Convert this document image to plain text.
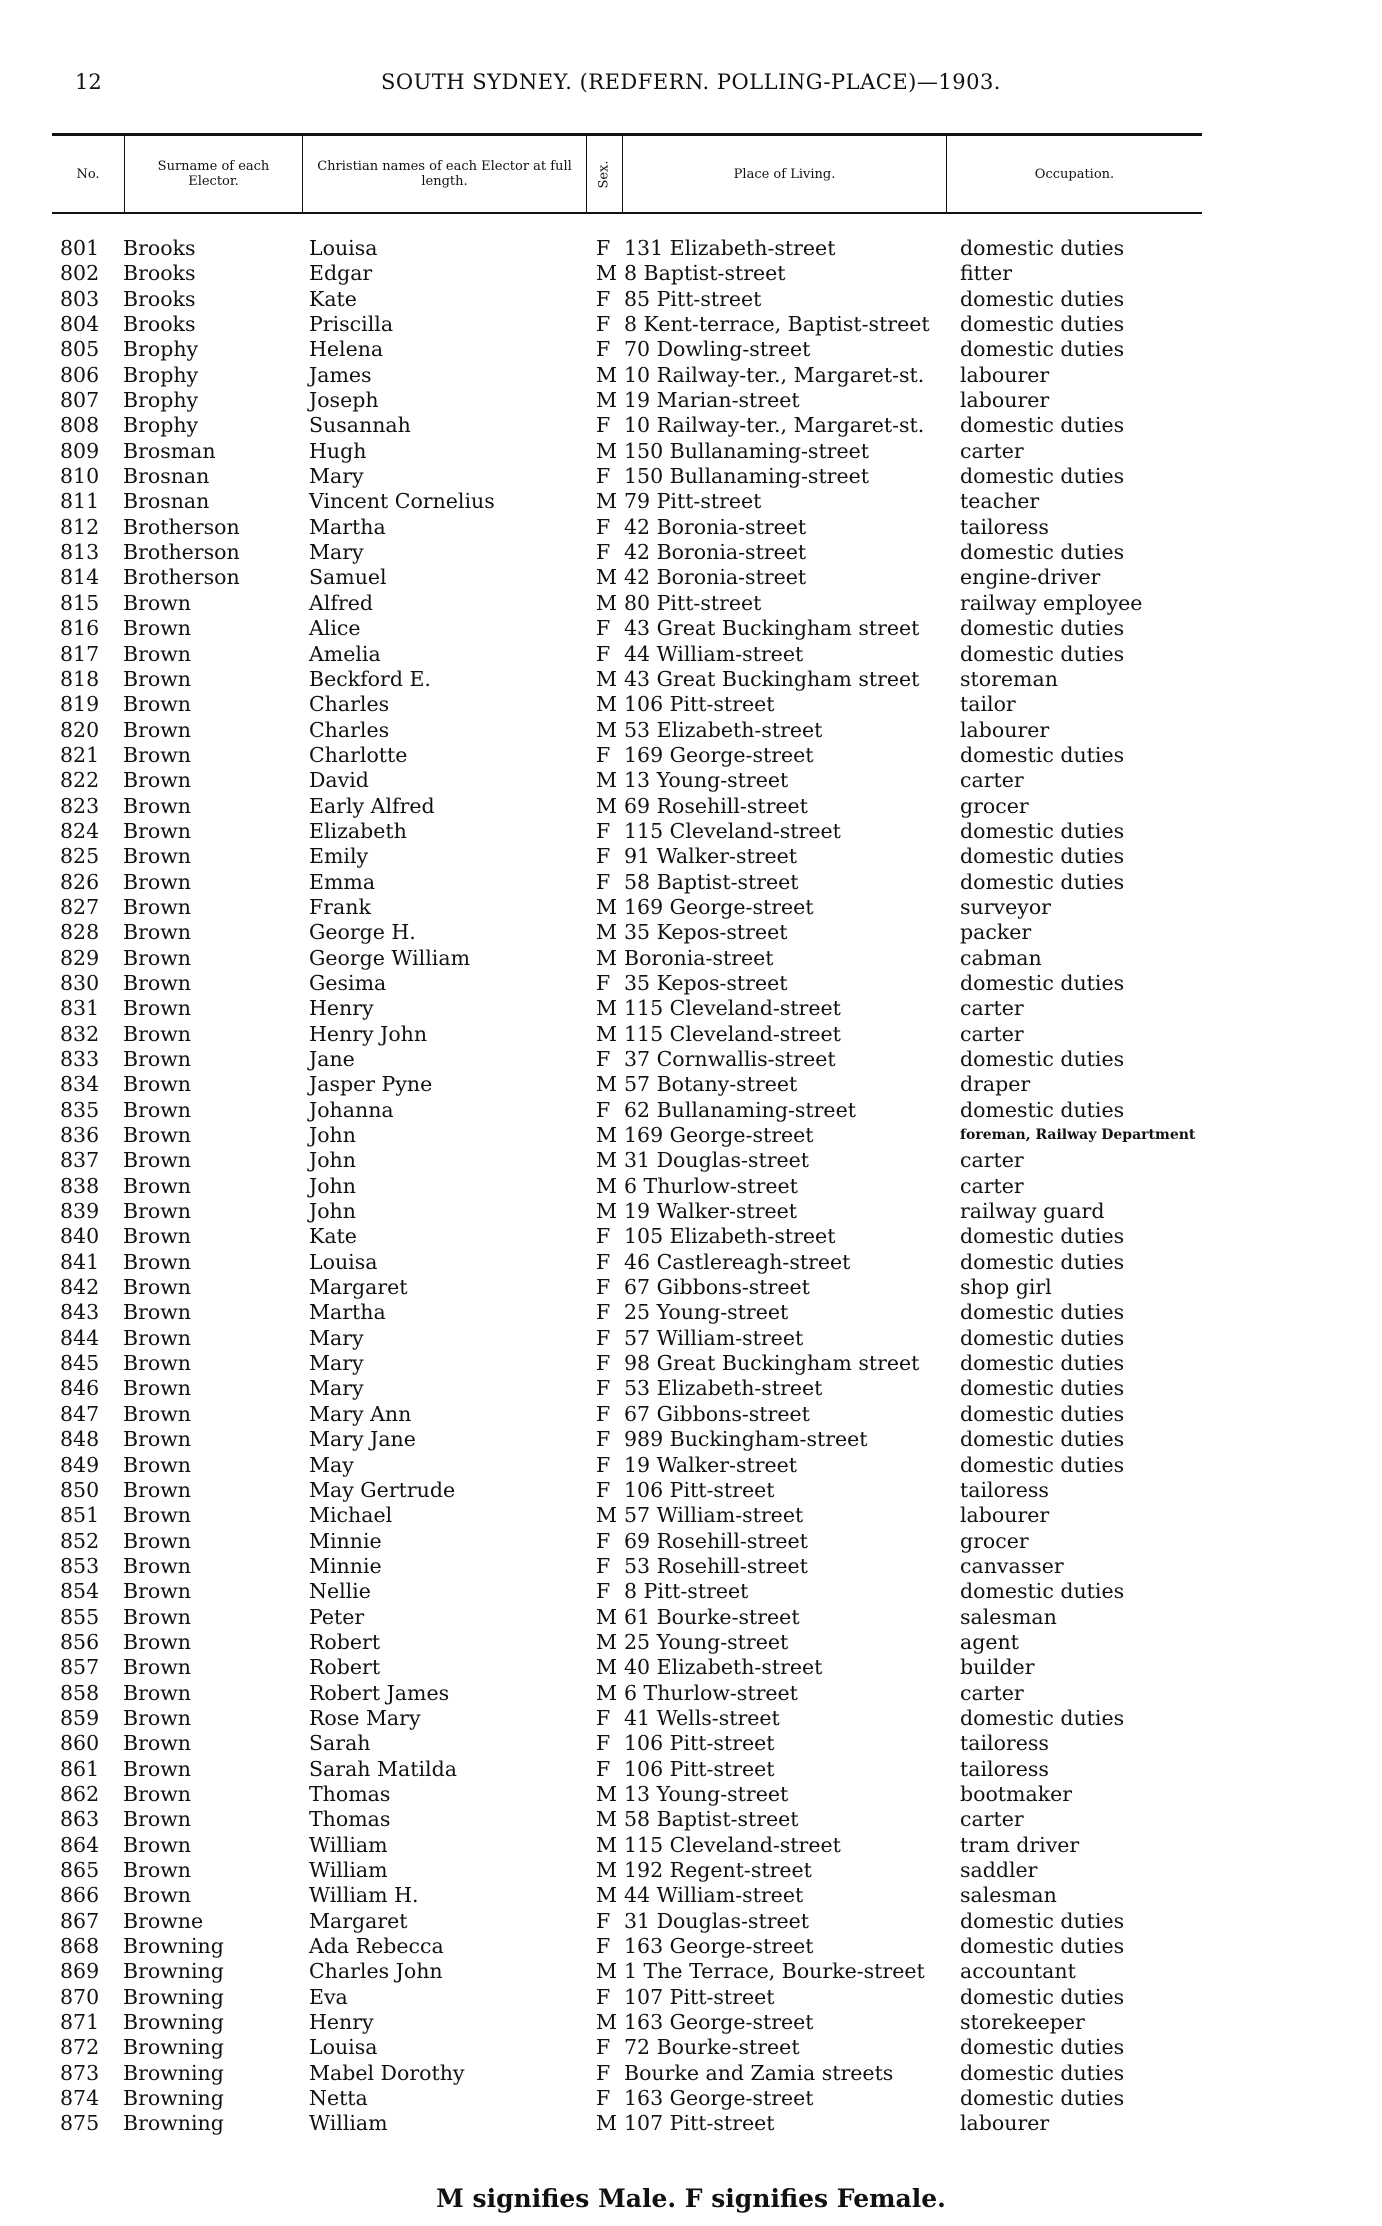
12	SOUTH SYDNEY. (REDFERN. POLLING-PLACE)—1903.
No.	Surname of each Elector.
Christian names of each Elector at full length.	Sex.	Place of Living.	Occupation.
801 Brooks	Louisa	F 131 Elizabeth-street	domestic duties
802 Brooks	Edgar	M 8 Baptist-street	fitter
803 Brooks	Kate	F 85 Pitt-street	domestic duties
804 Brooks	Priscilla	F 8 Kent-terrace, Baptist-street domestic duties
805 Brophy	Helena	F 70 Dowling-street	domestic duties
806 Brophy	James	M 10 Railway-ter., Margaret-st. labourer
807 Brophy	Joseph	M 19 Marian-street	labourer
808 Brophy	Susannah	F 10 Railway-ter., Margaret-st. domestic duties
809 Brosman	Hugh	M 150 Bullanaming-street	carter
810 Brosnan	Mary	F 150 Bullanaming-street	domestic duties
811 Brosnan	Vincent Cornelius	M 79 Pitt-street	teacher
812 Brotherson	Martha	F 42 Boronia-street	tailoress
813 Brotherson	Mary	F 42 Boronia-street	domestic duties
814 Brotherson	Samuel	M 42 Boronia-street	engine-driver
815 Brown	Alfred	M 80 Pitt-street	railway employee
816 Brown	Alice	F 43 Great Buckingham street domestic duties
817 Brown	Amelia	F 44 William-street	domestic duties
818 Brown	Beckford E.	M 43 Great Buckingham street storeman
819 Brown	Charles	M 106 Pitt-street	tailor
820 Brown	Charles	M 53 Elizabeth-street	labourer
821 Brown	Charlotte	F 169 George-street	domestic duties
822 Brown	David	M 13 Young-street	carter
823 Brown	Early Alfred	M 69 Rosehill-street	grocer
824 Brown	Elizabeth	F 115 Cleveland-street	domestic duties
825 Brown	Emily	F 91 Walker-street	domestic duties
826 Brown	Emma	F 58 Baptist-street	domestic duties
827 Brown	Frank	M 169 George-street	surveyor
828 Brown	George H.	M 35 Kepos-street	packer
829 Brown	George William	M Boronia-street	cabman
830 Brown	Gesima	F 35 Kepos-street	domestic duties
831 Brown	Henry	M 115 Cleveland-street	carter
832 Brown	Henry John	M 115 Cleveland-street	carter
833 Brown	Jane	F 37 Cornwallis-street	domestic duties
834 Brown	Jasper Pyne	M 57 Botany-street	draper
835 Brown	Johanna	F 62 Bullanaming-street	domestic duties
836 Brown	John	M 169 George-street	foreman, Railway Department
837 Brown	John	M 31 Douglas-street	carter
838 Brown	John	M 6 Thurlow-street	carter
839 Brown	John	M 19 Walker-street	railway guard
840 Brown	Kate	F 105 Elizabeth-street	domestic duties
841 Brown	Louisa	F 46 Castlereagh-street	domestic duties
842 Brown	Margaret	F 67 Gibbons-street	shop girl
843 Brown	Martha	F 25 Young-street	domestic duties
844 Brown	Mary	F 57 William-street	domestic duties
845 Brown	Mary	F 98 Great Buckingham street domestic duties
846 Brown	Mary	F 53 Elizabeth-street	domestic duties
847 Brown	Mary Ann	F 67 Gibbons-street	domestic duties
848 Brown	Mary Jane	F 989 Buckingham-street	domestic duties
849 Brown	May	F 19 Walker-street	domestic duties
850 Brown	May Gertrude	F 106 Pitt-street	tailoress
851 Brown	Michael	M 57 William-street	labourer
852 Brown	Minnie	F 69 Rosehill-street	grocer
853 Brown	Minnie	F 53 Rosehill-street	canvasser
854 Brown	Nellie	F 8 Pitt-street	domestic duties
855 Brown	Peter	M 61 Bourke-street	salesman
856 Brown	Robert	M 25 Young-street	agent
857 Brown	Robert	M 40 Elizabeth-street	builder
858 Brown	Robert James	M 6 Thurlow-street	carter
859 Brown	Rose Mary	F 41 Wells-street	domestic duties
860 Brown	Sarah	F 106 Pitt-street	tailoress
861 Brown	Sarah Matilda	F 106 Pitt-street	tailoress
862 Brown	Thomas	M 13 Young-street	bootmaker
863 Brown	Thomas	M 58 Baptist-street	carter
864 Brown	William	M 115 Cleveland-street	tram driver
865 Brown	William	M 192 Regent-street	saddler
866 Brown	William H.	M 44 William-street	salesman
867 Browne	Margaret	F 31 Douglas-street	domestic duties
868 Browning	Ada Rebecca	F 163 George-street	domestic duties
869 Browning	Charles John	M 1 The Terrace, Bourke-street accountant
870 Browning	Eva	F 107 Pitt-street	domestic duties
871 Browning	Henry	M 163 George-street	storekeeper
872 Browning	Louisa	F 72 Bourke-street	domestic duties
873 Browning	Mabel Dorothy	F Bourke and Zamia streets	domestic duties
874 Browning	Netta	F 163 George-street	domestic duties
875 Browning	William	M 107 Pitt-street	labourer
M signifies Male. F signifies Female.
